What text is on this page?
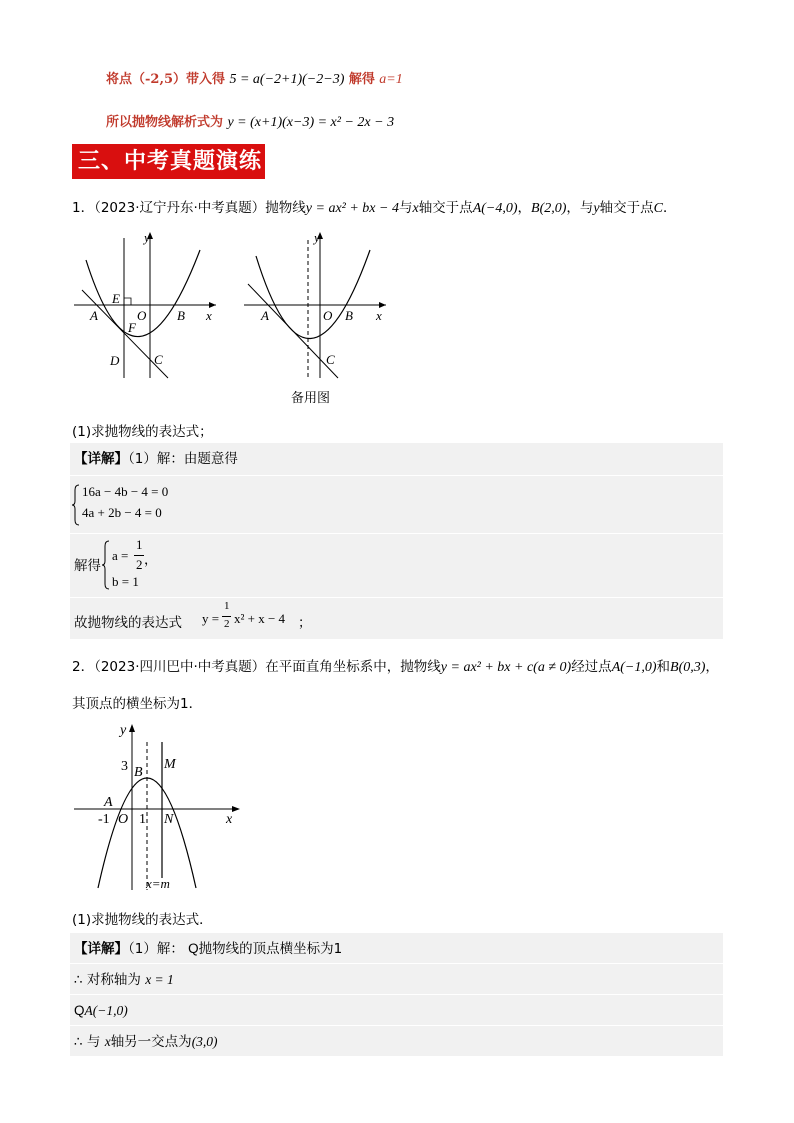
将点（-2,5）带入得 5 = a(−2+1)(−2−3) 解得 a=1
所以抛物线解析式为 y = (x+1)(x−3) = x² − 2x − 3
三、中考真题演练
1．（2023·辽宁丹东·中考真题）抛物线y = ax² + bx − 4与x轴交于点A(−4,0)，B(2,0)，与y轴交于点C．
y
x
A	O B
E
F
D	C
y
x
A	O B
C
备用图
(1)求抛物线的表达式；
【详解】（1）解：由题意得
16a − 4b − 4 = 0
4a + 2b − 4 = 0
解得
a =
1
2 ，
b = 1
故抛物线的表达式 y =
1
2 x² + x − 4 ；
2．（2023·四川巴中·中考真题）在平面直角坐标系中，抛物线y = ax² + bx + c(a ≠ 0)经过点A(−1,0)和B(0,3)，
其顶点的横坐标为1．
y
x
3 B
M
A
-1 O 1 N
x=m
(1)求抛物线的表达式．
【详解】（1）解： Q抛物线的顶点横坐标为1
∴ 对称轴为 x = 1
QA(−1,0)
∴ 与 x轴另一交点为(3,0)
